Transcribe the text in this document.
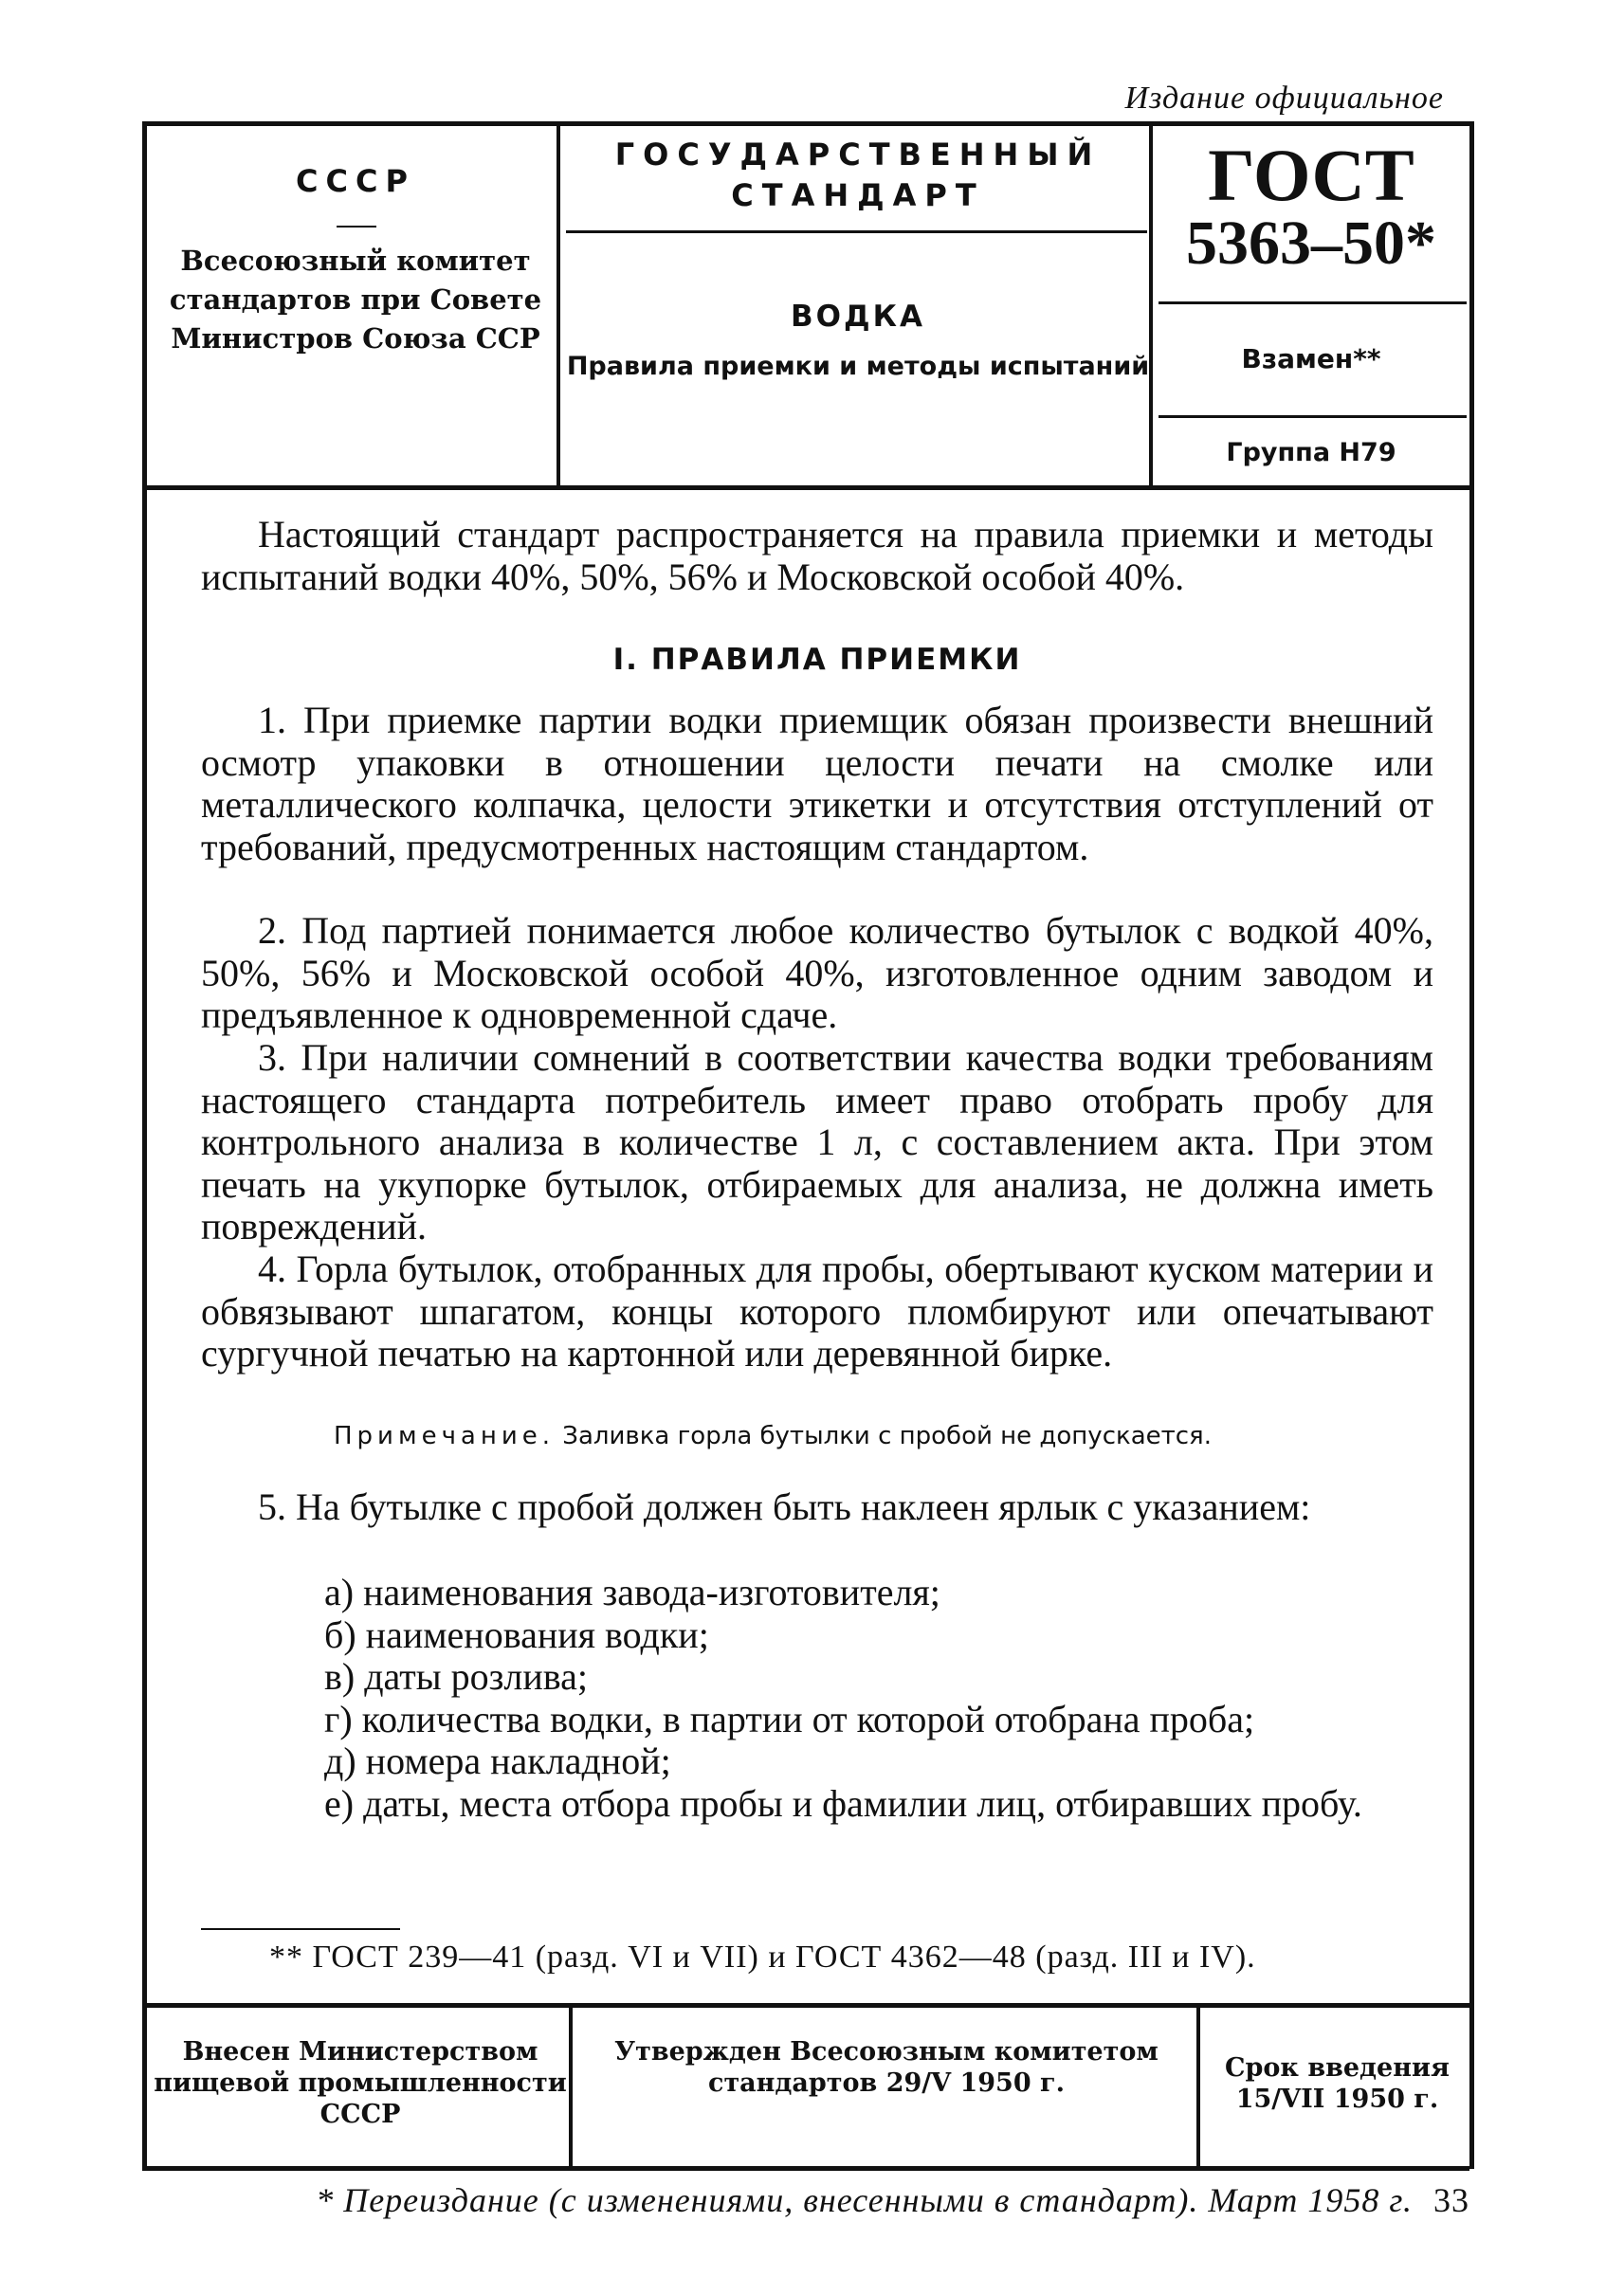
Издание официальное
СССР
Всесоюзный комитет стандартов при Совете Министров Союза ССР
ГОСУДАРСТВЕННЫЙ СТАНДАРТ
ВОДКА
Правила приемки и методы испытаний
ГОСТ
5363–50*
Взамен**
Группа Н79
Настоящий стандарт распространяется на правила приемки и методы испытаний водки 40%, 50%, 56% и Московской особой 40%.
I. ПРАВИЛА ПРИЕМКИ
1. При приемке партии водки приемщик обязан произвести внешний осмотр упаковки в отношении целости печати на смолке или металлического колпачка, целости этикетки и отсутствия отступлений от требований, предусмотренных настоящим стандартом.
2. Под партией понимается любое количество бутылок с водкой 40%, 50%, 56% и Московской особой 40%, изготовленное одним заводом и предъявленное к одновременной сдаче.
3. При наличии сомнений в соответствии качества водки требованиям настоящего стандарта потребитель имеет право отобрать пробу для контрольного анализа в количестве 1 л, с составлением акта. При этом печать на укупорке бутылок, отбираемых для анализа, не должна иметь повреждений.
4. Горла бутылок, отобранных для пробы, обертывают куском материи и обвязывают шпагатом, концы которого пломбируют или опечатывают сургучной печатью на картонной или деревянной бирке.
Примечание. Заливка горла бутылки с пробой не допускается.
5. На бутылке с пробой должен быть наклеен ярлык с указанием:
а) наименования завода-изготовителя;
б) наименования водки;
в) даты розлива;
г) количества водки, в партии от которой отобрана проба;
д) номера накладной;
е) даты, места отбора пробы и фамилии лиц, отбиравших пробу.
** ГОСТ 239—41 (разд. VI и VII) и ГОСТ 4362—48 (разд. III и IV).
Внесен Министерством пищевой промышленности СССР
Утвержден Всесоюзным комитетом стандартов 29/V 1950 г.
Срок введения 15/VII 1950 г.
* Переиздание (с изменениями, внесенными в стандарт). Март 1958 г. 33
